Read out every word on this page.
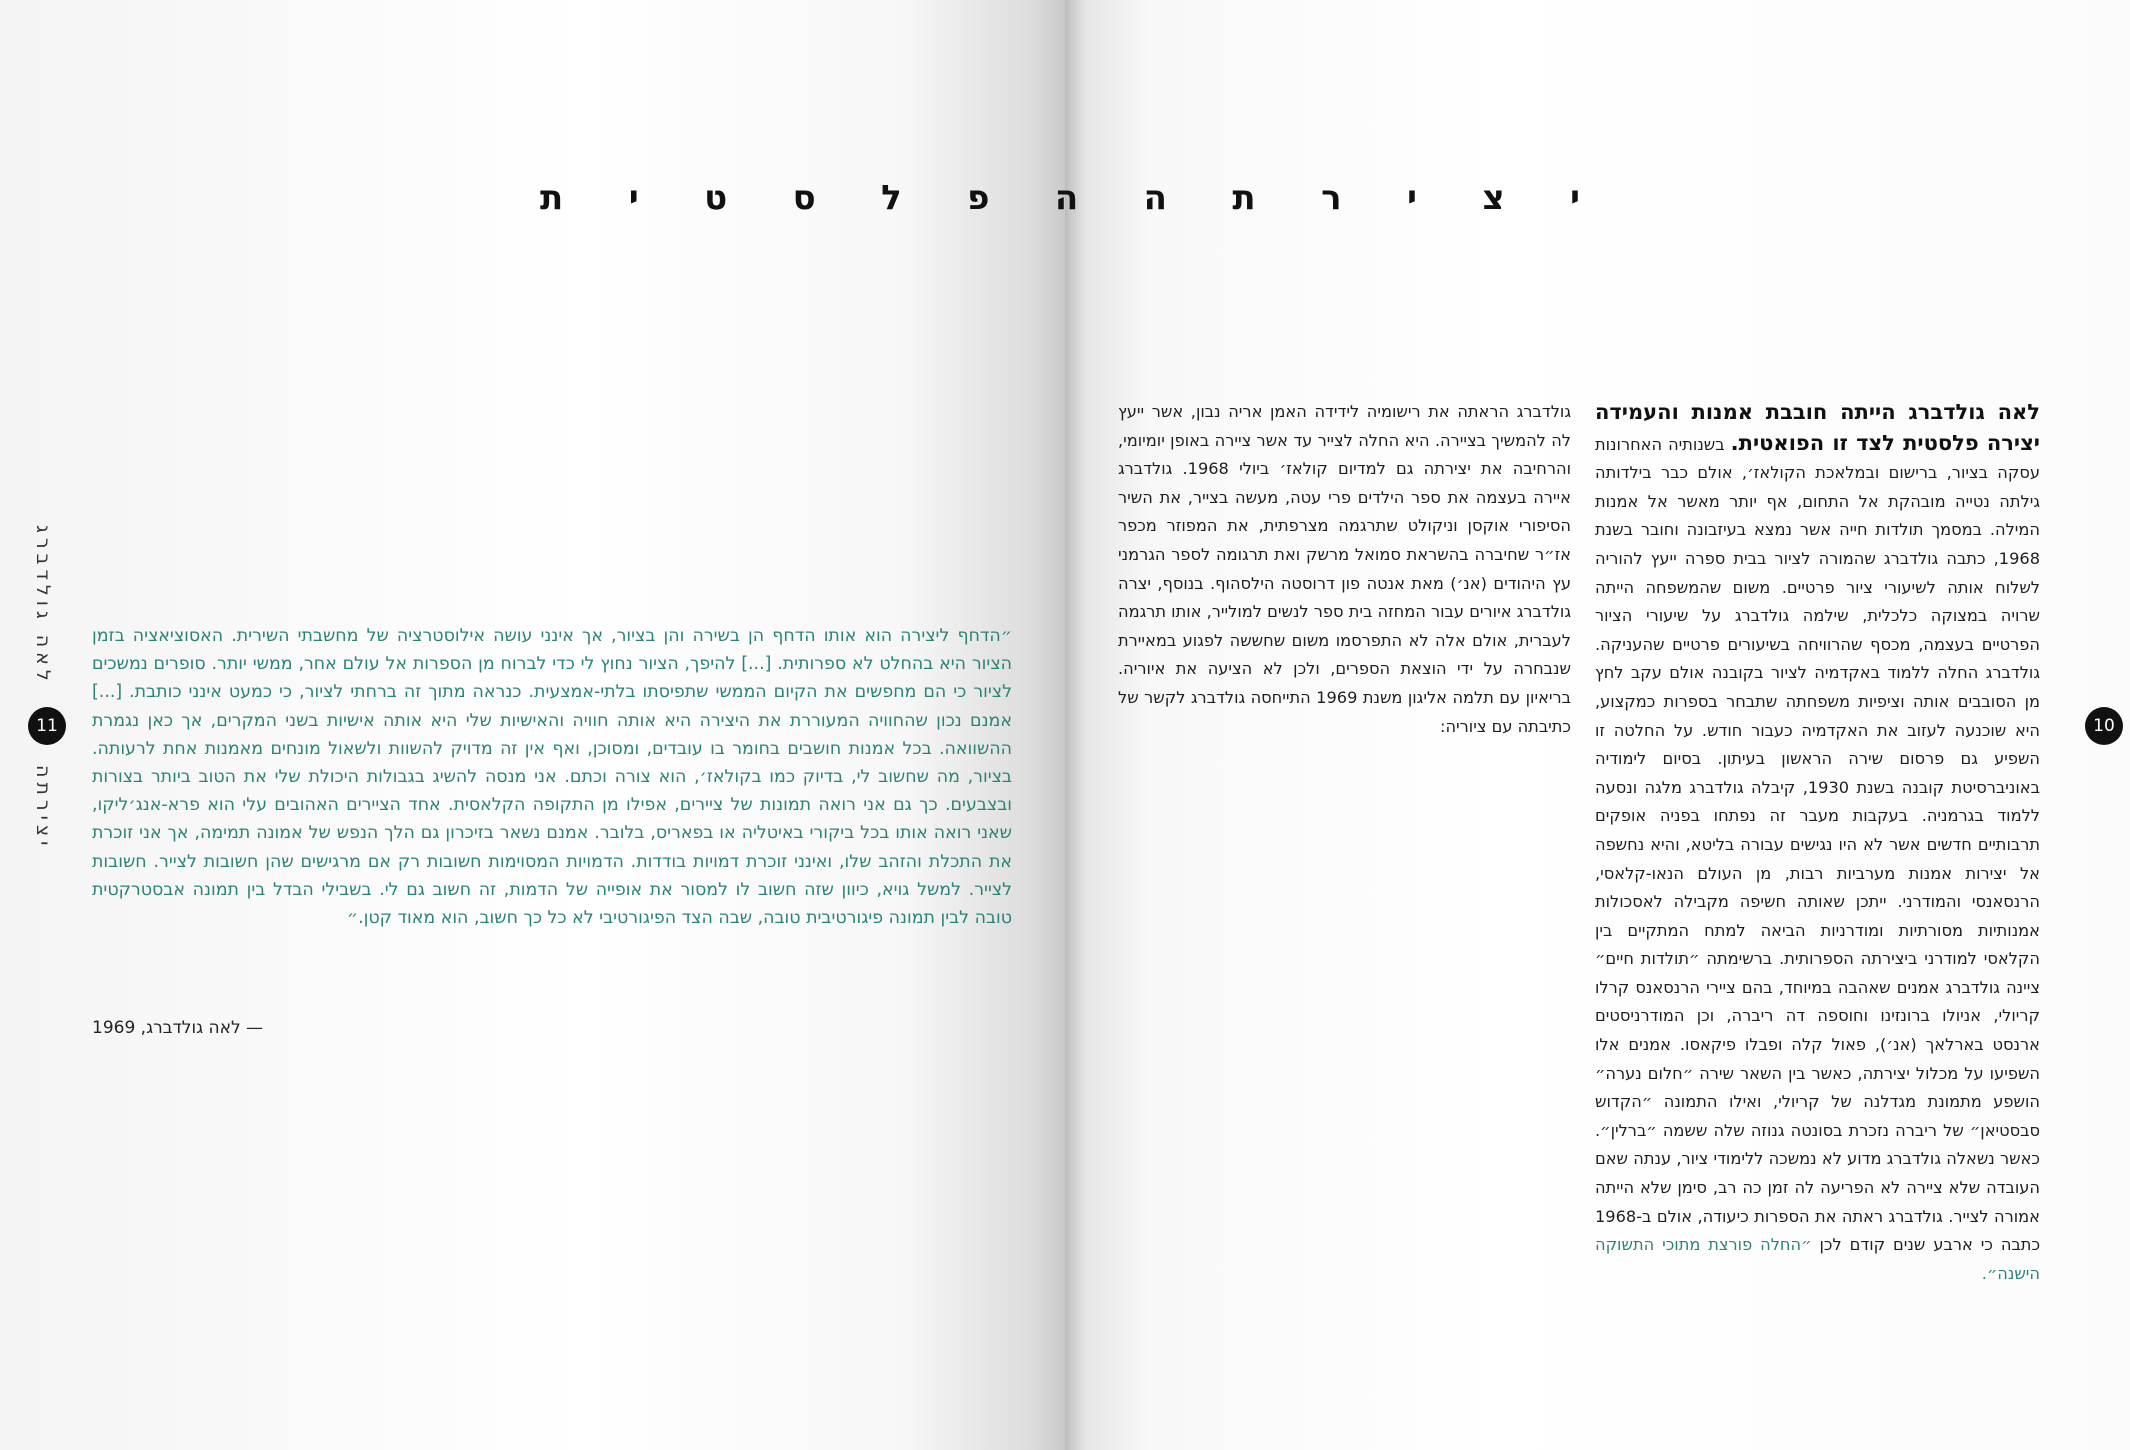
לאה גולדברג
11
יצירתה

״הדחף ליצירה הוא אותו הדחף הן בשירה והן בציור, אך אינני עושה אילוסטרציה של מחשבתי השירית. האסוציאציה בזמן הציור היא בהחלט לא ספרותית. [...] להיפך, הציור נחוץ לי כדי לברוח מן הספרות אל עולם אחר, ממשי יותר. סופרים נמשכים לציור כי הם מחפשים את הקיום הממשי שתפיסתו בלתי-אמצעית. כנראה מתוך זה ברחתי לציור, כי כמעט אינני כותבת. [...] אמנם נכון שהחוויה המעוררת את היצירה היא אותה חוויה והאישיות שלי היא אותה אישיות בשני המקרים, אך כאן נגמרת ההשוואה. בכל אמנות חושבים בחומר בו עובדים, ומסוכן, ואף אין זה מדויק להשוות ולשאול מונחים מאמנות אחת לרעותה. בציור, מה שחשוב לי, בדיוק כמו בקולאז׳, הוא צורה וכתם. אני מנסה להשיג בגבולות היכולת שלי את הטוב ביותר בצורות ובצבעים. כך גם אני רואה תמונות של ציירים, אפילו מן התקופה הקלאסית. אחד הציירים האהובים עלי הוא פרא-אנג׳ליקו, שאני רואה אותו בכל ביקורי באיטליה או בפאריס, בלובר. אמנם נשאר בזיכרון גם הלך הנפש של אמונה תמימה, אך אני זוכרת את התכלת והזהב שלו, ואינני זוכרת דמויות בודדות. הדמויות המסוימות חשובות רק אם מרגישים שהן חשובות לצייר. חשובות לצייר. למשל גויא, כיוון שזה חשוב לו למסור את אופייה של הדמות, זה חשוב גם לי. בשבילי הבדל בין תמונה אבסטרקטית טובה לבין תמונה פיגורטיבית טובה, שבה הצד הפיגורטיבי לא כל כך חשוב, הוא מאוד קטן.״

— לאה גולדברג, 1969
10
י
צ
י
ר
ת
ה
ה
פ
ל
ס
ט
י
ת

לאה גולדברג הייתה חובבת אמנות והעמידה יצירה פלסטית לצד זו הפואטית. בשנותיה האחרונות עסקה בציור, ברישום ובמלאכת הקולאז׳, אולם כבר בילדותה גילתה נטייה מובהקת אל התחום, אף יותר מאשר אל אמנות המילה. במסמך תולדות חייה אשר נמצא בעיזבונה וחובר בשנת 1968, כתבה גולדברג שהמורה לציור בבית ספרה ייעץ להוריה לשלוח אותה לשיעורי ציור פרטיים. משום שהמשפחה הייתה שרויה במצוקה כלכלית, שילמה גולדברג על שיעורי הציור הפרטיים בעצמה, מכסף שהרוויחה בשיעורים פרטיים שהעניקה. גולדברג החלה ללמוד באקדמיה לציור בקובנה אולם עקב לחץ מן הסובבים אותה וציפיות משפחתה שתבחר בספרות כמקצוע, היא שוכנעה לעזוב את האקדמיה כעבור חודש. על החלטה זו השפיע גם פרסום שירה הראשון בעיתון. בסיום לימודיה באוניברסיטת קובנה בשנת 1930, קיבלה גולדברג מלגה ונסעה ללמוד בגרמניה. בעקבות מעבר זה נפתחו בפניה אופקים תרבותיים חדשים אשר לא היו נגישים עבורה בליטא, והיא נחשפה אל יצירות אמנות מערביות רבות, מן העולם הנאו-קלאסי, הרנסאנסי והמודרני. ייתכן שאותה חשיפה מקבילה לאסכולות אמנותיות מסורתיות ומודרניות הביאה למתח המתקיים בין הקלאסי למודרני ביצירתה הספרותית. ברשימתה ״תולדות חיים״ ציינה גולדברג אמנים שאהבה במיוחד, בהם ציירי הרנסאנס קרלו קריולי, אניולו ברונזינו וחוספה דה ריברה, וכן המודרניסטים ארנסט בארלאך (אנ׳), פאול קלה ופבלו פיקאסו. אמנים אלו השפיעו על מכלול יצירתה, כאשר בין השאר שירה ״חלום נערה״ הושפע מתמונת מגדלנה של קריולי, ואילו התמונה ״הקדוש סבסטיאן״ של ריברה נזכרת בסונטה גנוזה שלה ששמה ״ברלין״. כאשר נשאלה גולדברג מדוע לא נמשכה ללימודי ציור, ענתה שאם העובדה שלא ציירה לא הפריעה לה זמן כה רב, סימן שלא הייתה אמורה לצייר. גולדברג ראתה את הספרות כיעודה, אולם ב-1968 כתבה כי ארבע שנים קודם לכן ״החלה פורצת מתוכי התשוקה הישנה״.

גולדברג הראתה את רישומיה לידידה האמן אריה נבון, אשר ייעץ לה להמשיך בציירה. היא החלה לצייר עד אשר ציירה באופן יומיומי, והרחיבה את יצירתה גם למדיום קולאז׳ ביולי 1968. גולדברג איירה בעצמה את ספר הילדים פרי עטה, מעשה בצייר, את השיר הסיפורי אוקסן וניקולט שתרגמה מצרפתית, את המפוזר מכפר אז״ר שחיברה בהשראת סמואל מרשק ואת תרגומה לספר הגרמני עץ היהודים (אנ׳) מאת אנטה פון דרוסטה הילסהוף. בנוסף, יצרה גולדברג איורים עבור המחזה בית ספר לנשים למולייר, אותו תרגמה לעברית, אולם אלה לא התפרסמו משום שחששה לפגוע במאיירת שנבחרה על ידי הוצאת הספרים, ולכן לא הציעה את איוריה. בריאיון עם תלמה אליגון משנת 1969 התייחסה גולדברג לקשר של כתיבתה עם ציוריה:
